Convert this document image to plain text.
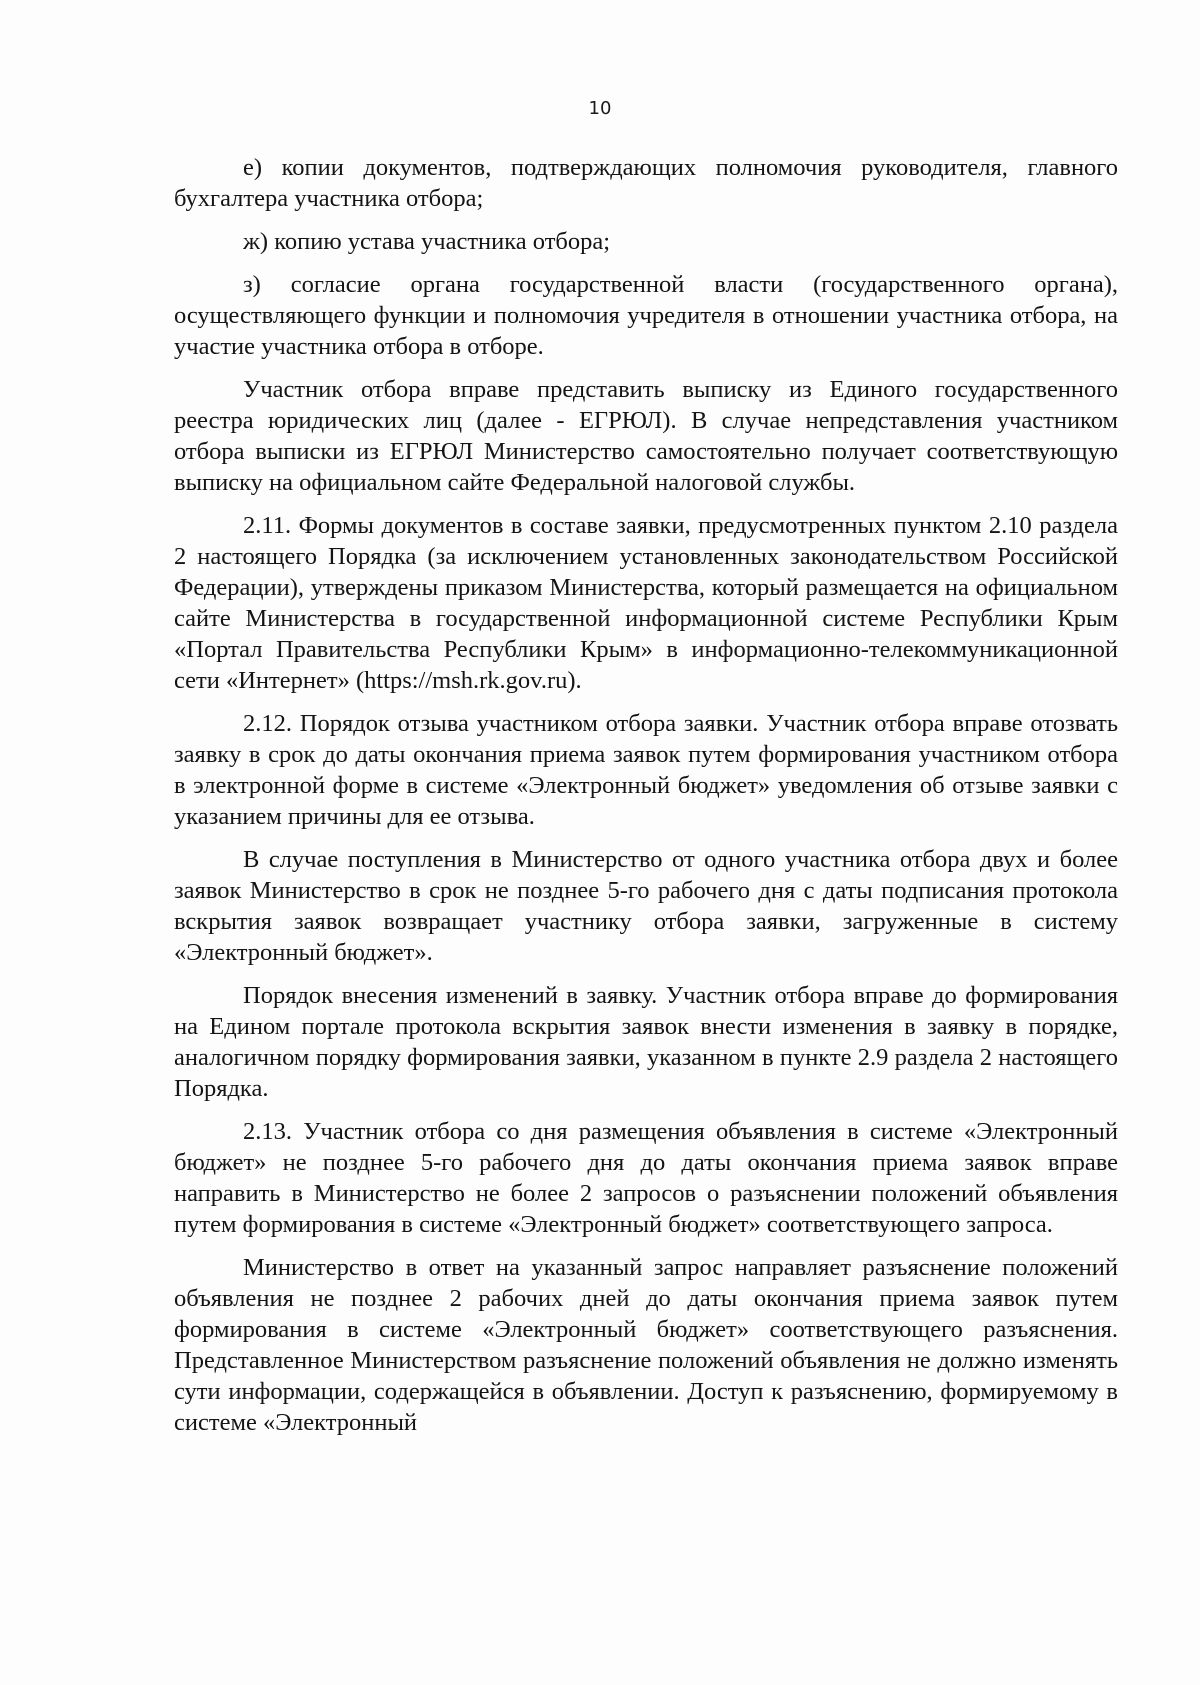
10

е) копии документов, подтверждающих полномочия руководителя, главного бухгалтера участника отбора;

ж) копию устава участника отбора;

з) согласие органа государственной власти (государственного органа), осуществляющего функции и полномочия учредителя в отношении участника отбора, на участие участника отбора в отборе.

Участник отбора вправе представить выписку из Единого государственного реестра юридических лиц (далее - ЕГРЮЛ). В случае непредставления участником отбора выписки из ЕГРЮЛ Министерство самостоятельно получает соответствующую выписку на официальном сайте Федеральной налоговой службы.

2.11. Формы документов в составе заявки, предусмотренных пунктом 2.10 раздела 2 настоящего Порядка (за исключением установленных законодательством Российской Федерации), утверждены приказом Министерства, который размещается на официальном сайте Министерства в государственной информационной системе Республики Крым «Портал Правительства Республики Крым» в информационно-телекоммуникационной сети «Интернет» (https://msh.rk.gov.ru).

2.12. Порядок отзыва участником отбора заявки. Участник отбора вправе отозвать заявку в срок до даты окончания приема заявок путем формирования участником отбора в электронной форме в системе «Электронный бюджет» уведомления об отзыве заявки с указанием причины для ее отзыва.

В случае поступления в Министерство от одного участника отбора двух и более заявок Министерство в срок не позднее 5-го рабочего дня с даты подписания протокола вскрытия заявок возвращает участнику отбора заявки, загруженные в систему «Электронный бюджет».

Порядок внесения изменений в заявку. Участник отбора вправе до формирования на Едином портале протокола вскрытия заявок внести изменения в заявку в порядке, аналогичном порядку формирования заявки, указанном в пункте 2.9 раздела 2 настоящего Порядка.

2.13. Участник отбора со дня размещения объявления в системе «Электронный бюджет» не позднее 5-го рабочего дня до даты окончания приема заявок вправе направить в Министерство не более 2 запросов о разъяснении положений объявления путем формирования в системе «Электронный бюджет» соответствующего запроса.

Министерство в ответ на указанный запрос направляет разъяснение положений объявления не позднее 2 рабочих дней до даты окончания приема заявок путем формирования в системе «Электронный бюджет» соответствующего разъяснения. Представленное Министерством разъяснение положений объявления не должно изменять сути информации, содержащейся в объявлении. Доступ к разъяснению, формируемому в системе «Электронный
